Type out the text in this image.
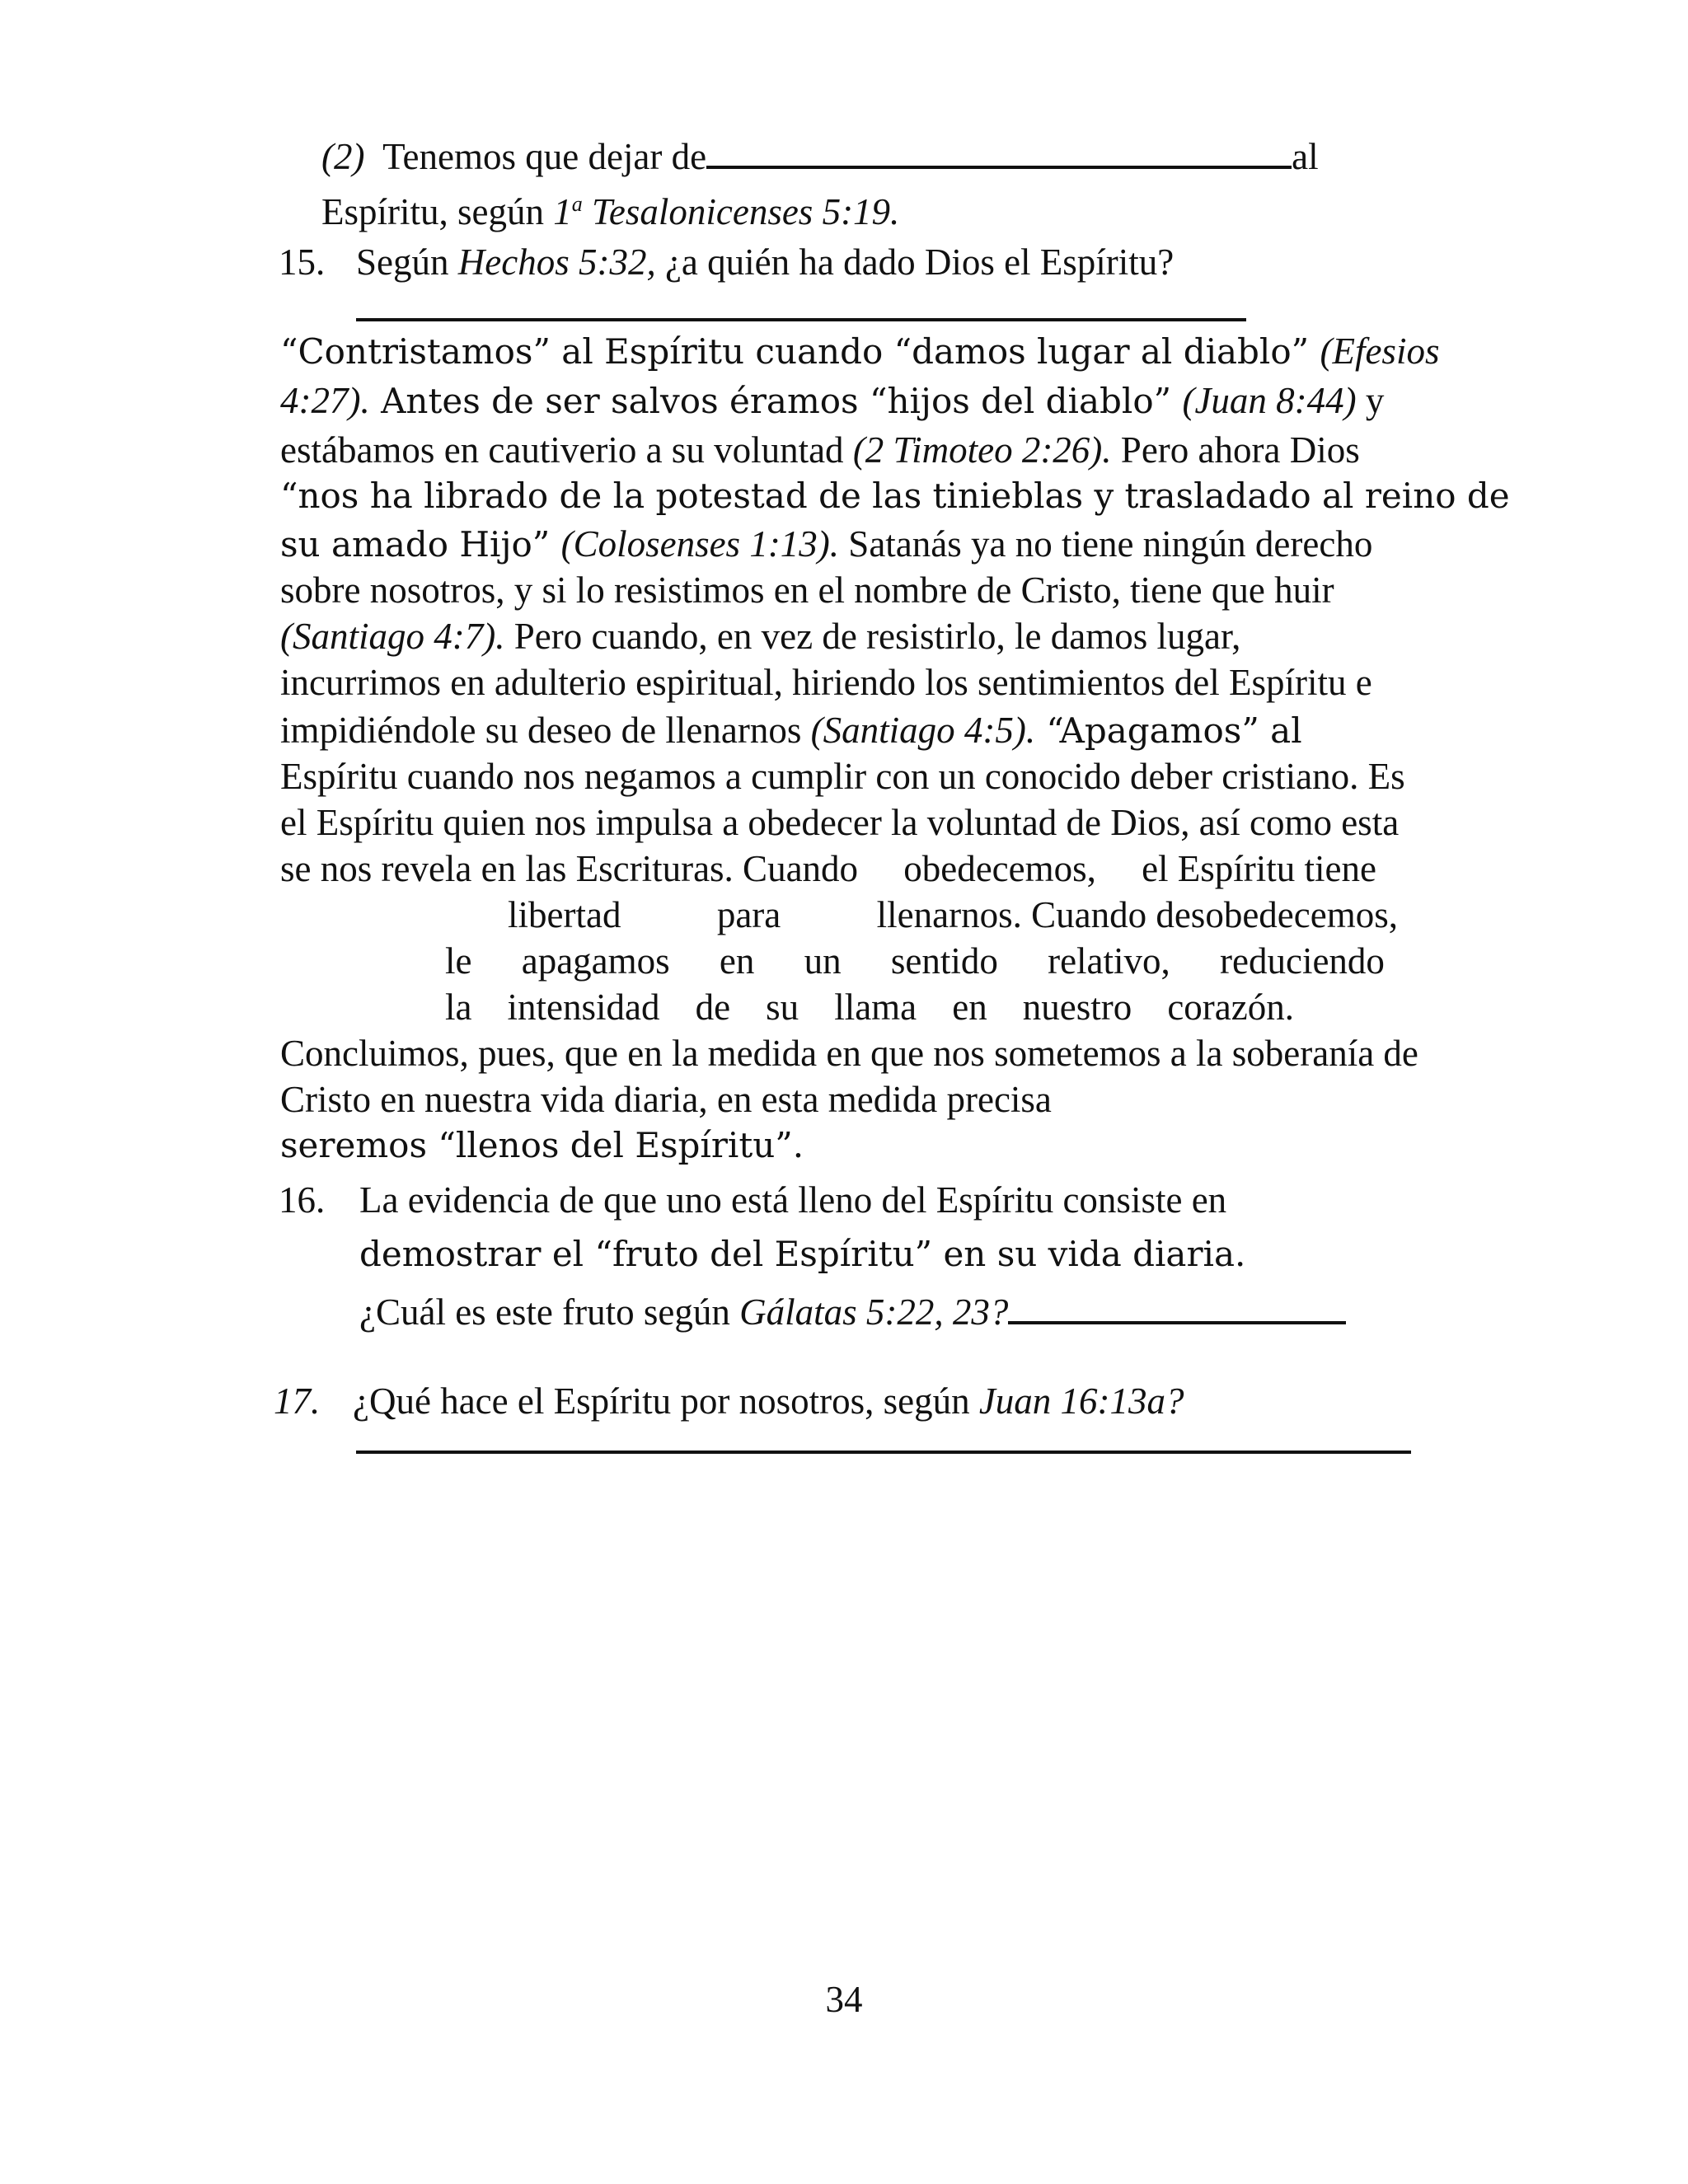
(2) Tenemos que dejar de	al
Espíritu, según 1$^a$ Tesalonicenses 5:19.
15. Según Hechos 5:32, ¿a quién ha dado Dios el Espíritu?
“Contristamos” al Espíritu cuando “damos lugar al diablo” (Efesios
4:27). Antes de ser salvos éramos “hijos del diablo” (Juan 8:44) y
estábamos en cautiverio a su voluntad (2 Timoteo 2:26). Pero ahora Dios
“nos ha librado de la potestad de las tinieblas y trasladado al reino de
su amado Hijo” (Colosenses 1:13). Satanás ya no tiene ningún derecho
sobre nosotros, y si lo resistimos en el nombre de Cristo, tiene que huir
(Santiago 4:7). Pero cuando, en vez de resistirlo, le damos lugar,
incurrimos en adulterio espiritual, hiriendo los sentimientos del Espíritu e
impidiéndole su deseo de llenarnos (Santiago 4:5). “Apagamos” al
Espíritu cuando nos negamos a cumplir con un conocido deber cristiano. Es
el Espíritu quien nos impulsa a obedecer la voluntad de Dios, así como esta
se nos revela en las Escrituras. Cuando obedecemos, el Espíritu tiene
libertad	para	llenarnos. Cuando desobedecemos,
le apagamos en un sentido relativo, reduciendo
la intensidad de su llama en nuestro corazón.
Concluimos, pues, que en la medida en que nos sometemos a la soberanía de
Cristo en nuestra vida diaria, en esta medida precisa
seremos “llenos del Espíritu”.
16. La evidencia de que uno está lleno del Espíritu consiste en
demostrar el “fruto del Espíritu” en su vida diaria.
¿Cuál es este fruto según Gálatas 5:22, 23?
17. ¿Qué hace el Espíritu por nosotros, según Juan 16:13a?
34
